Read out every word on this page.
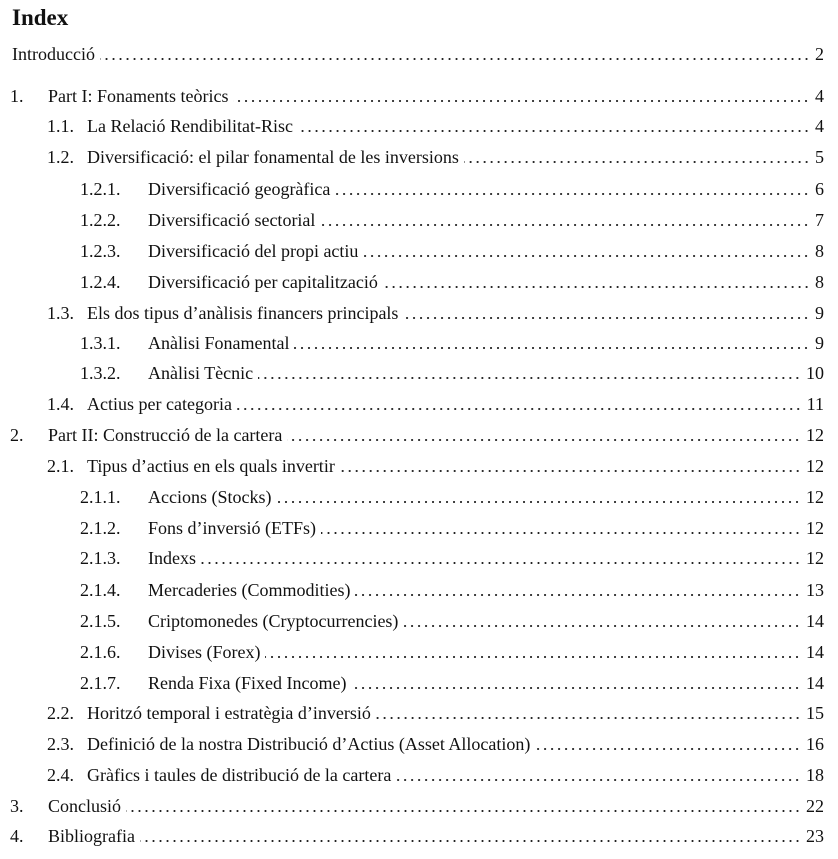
Index
Introducció	2
1.	Part I: Fonaments teòrics	4
1.1. La Relació Rendibilitat-Risc	4
1.2. Diversificació: el pilar fonamental de les inversions	5
1.2.1.	Diversificació geogràfica	6
1.2.2.	Diversificació sectorial	7
1.2.3.	Diversificació del propi actiu	8
1.2.4.	Diversificació per capitalització	8
1.3. Els dos tipus d’anàlisis financers principals	9
1.3.1.	Anàlisi Fonamental	9
1.3.2.	Anàlisi Tècnic	10
1.4. Actius per categoria	11
2.	Part II: Construcció de la cartera	12
2.1. Tipus d’actius en els quals invertir	12
2.1.1.	Accions (Stocks)	12
2.1.2.	Fons d’inversió (ETFs)	12
2.1.3.	Indexs	12
2.1.4.	Mercaderies (Commodities)	13
2.1.5.	Criptomonedes (Cryptocurrencies)	14
2.1.6.	Divises (Forex)	14
2.1.7.	Renda Fixa (Fixed Income)	14
2.2. Horitzó temporal i estratègia d’inversió	15
2.3. Definició de la nostra Distribució d’Actius (Asset Allocation)	16
2.4. Gràfics i taules de distribució de la cartera	18
3.	Conclusió	22
4.	Bibliografia	23
